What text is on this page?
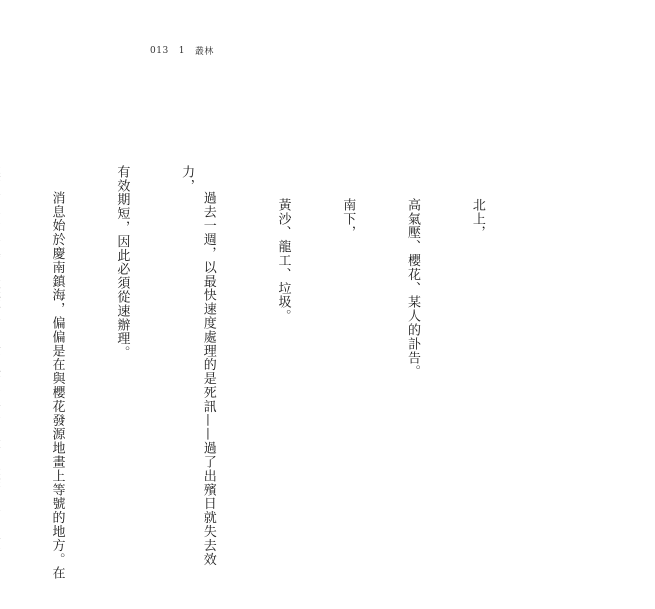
013 1 叢林

北上，

高氣壓、櫻花、某人的訃告。

南下，

黃沙、龍工、垃圾。

過去一週，以最快速度處理的是死訊——過了出殯日就失去效力，

有效期短，因此必須從速辦理。

消息始於慶南鎮海，偏偏是在與櫻花發源地畫上等號的地方。在
